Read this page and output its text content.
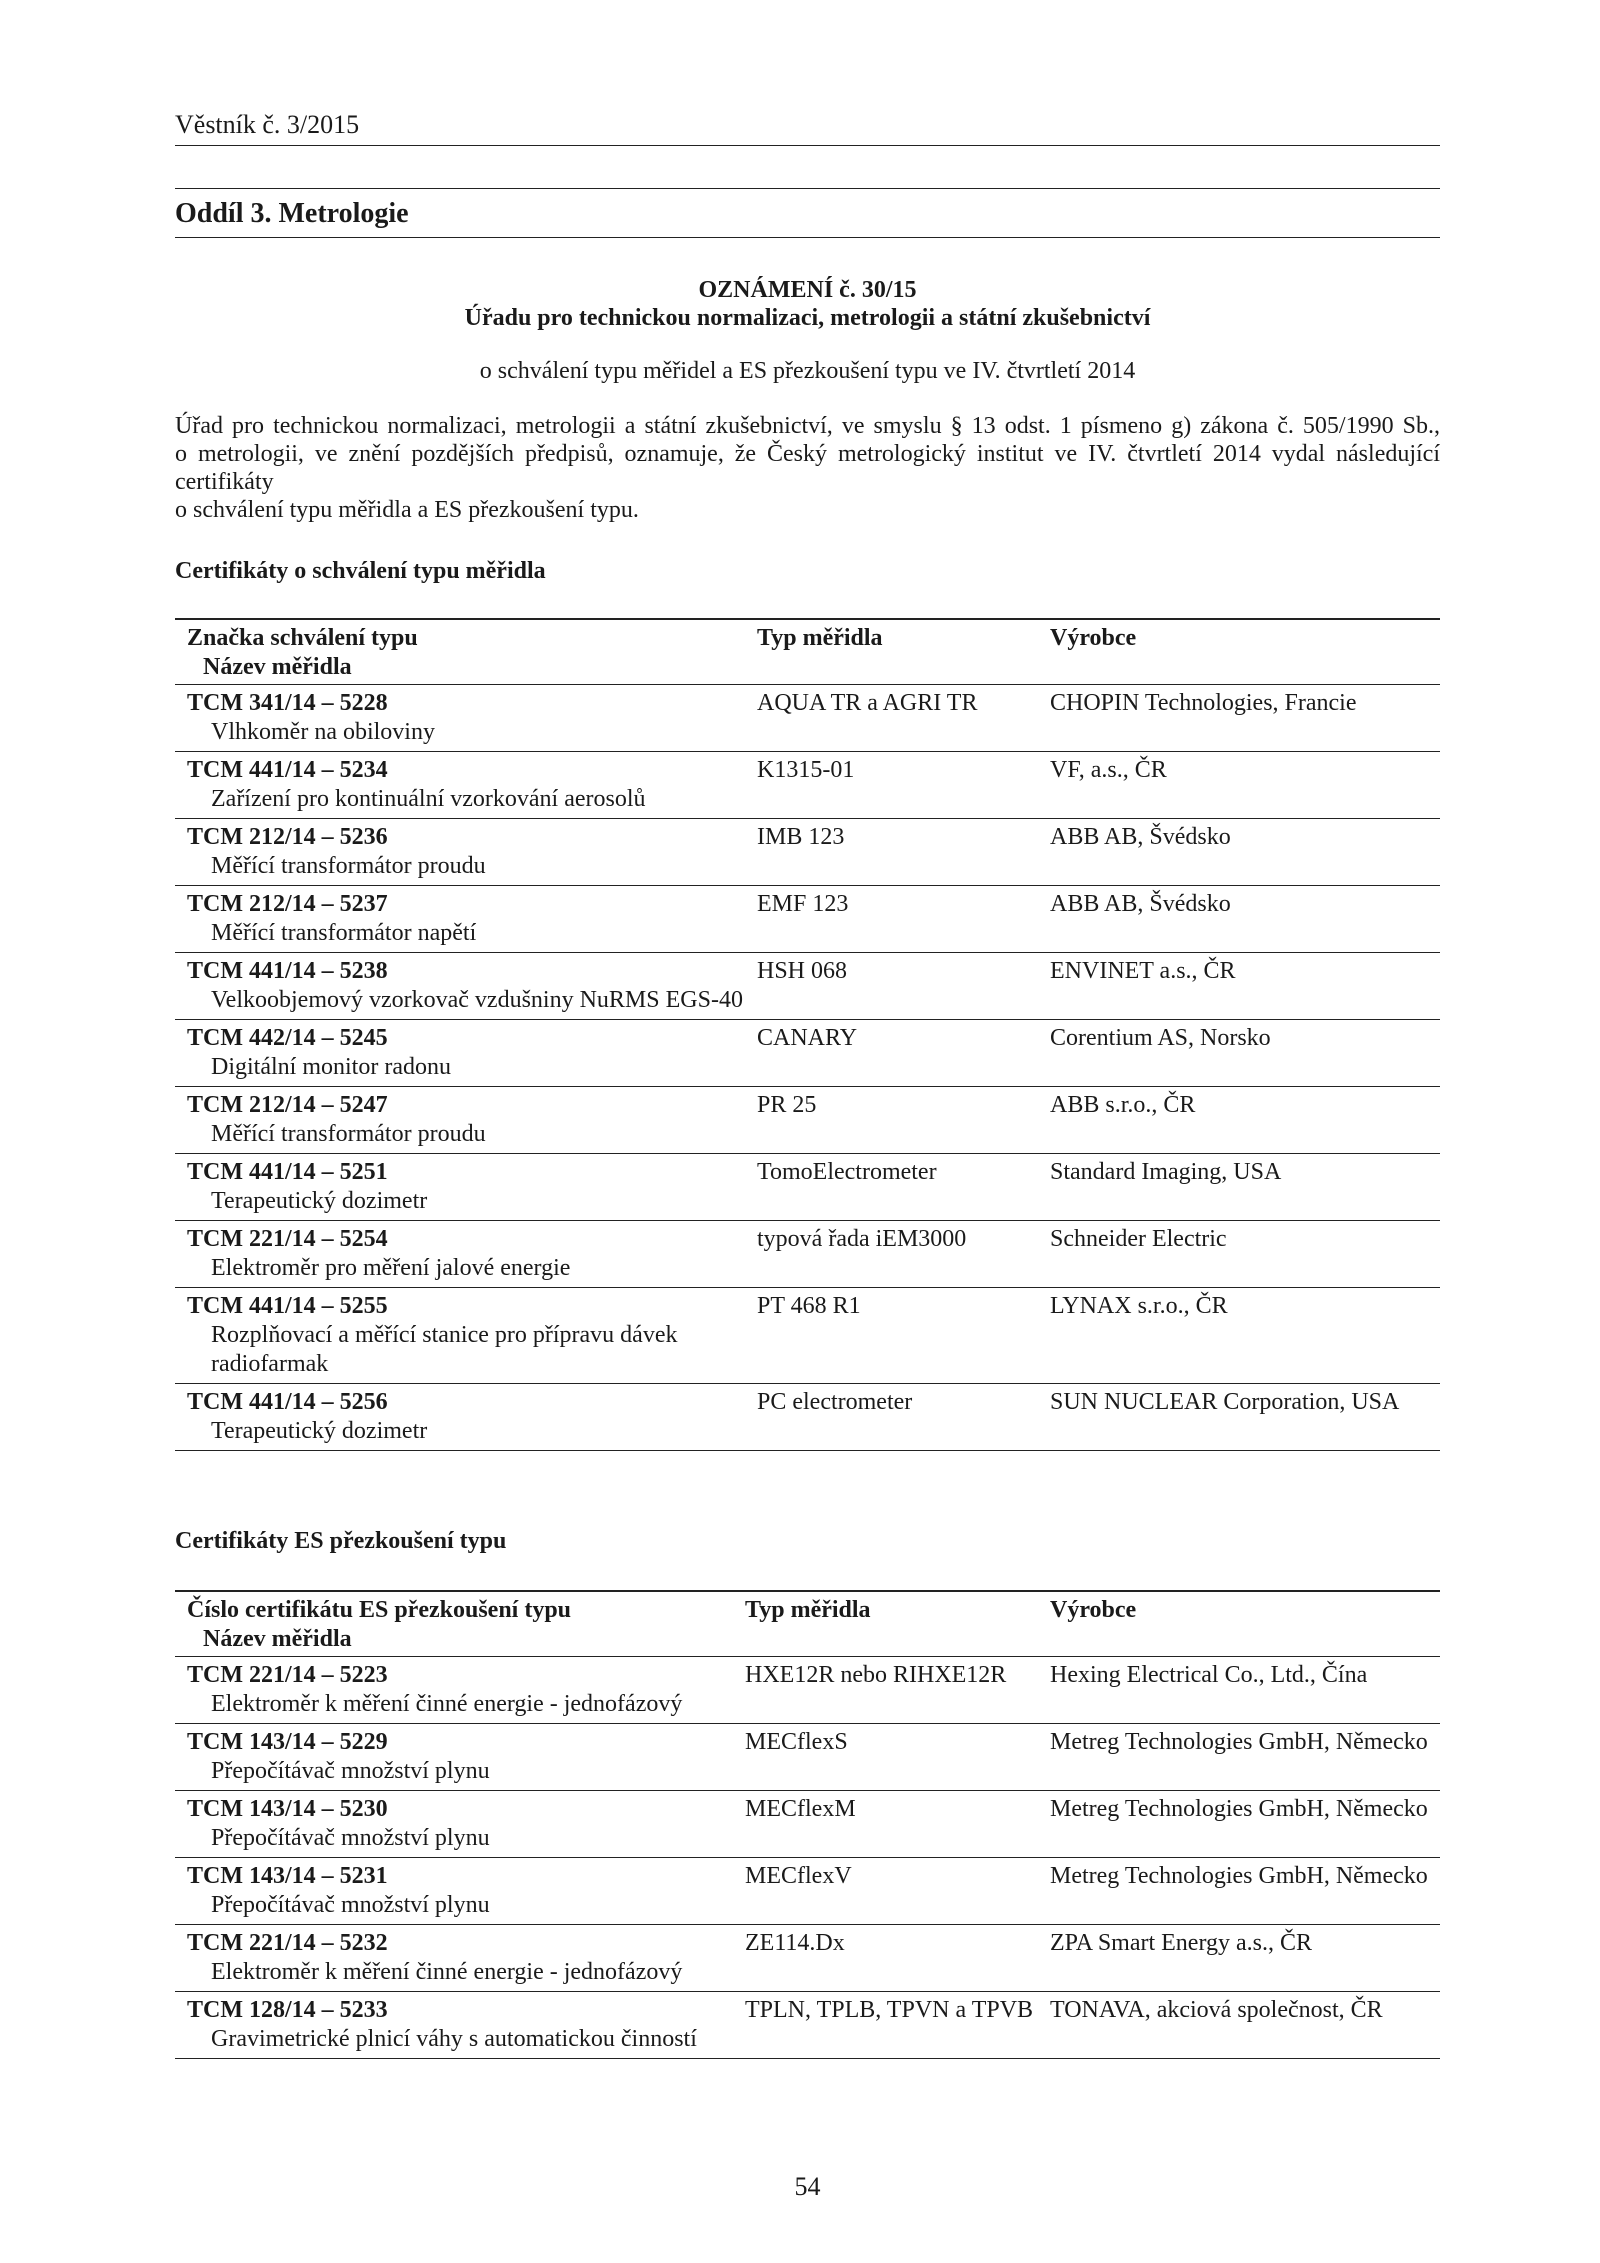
Věstník č. 3/2015
Oddíl 3. Metrologie
OZNÁMENÍ č. 30/15
Úřadu pro technickou normalizaci, metrologii a státní zkušebnictví
o schválení typu měřidel a ES přezkoušení typu ve IV. čtvrtletí 2014
Úřad pro technickou normalizaci, metrologii a státní zkušebnictví, ve smyslu § 13 odst. 1 písmeno g) zákona č. 505/1990 Sb.,
o metrologii, ve znění pozdějších předpisů, oznamuje, že Český metrologický institut ve IV. čtvrtletí 2014 vydal následující certifikáty
o schválení typu měřidla a ES přezkoušení typu.
Certifikáty o schválení typu měřidla
Značka schválení typu
Název měřidla	Typ měřidla	Výrobce

TCM 341/14 – 5228
Vlhkoměr na obiloviny	AQUA TR a AGRI TR	CHOPIN Technologies, Francie

TCM 441/14 – 5234
Zařízení pro kontinuální vzorkování aerosolů	K1315-01	VF, a.s., ČR

TCM 212/14 – 5236
Měřící transformátor proudu	IMB 123	ABB AB, Švédsko

TCM 212/14 – 5237
Měřící transformátor napětí	EMF 123	ABB AB, Švédsko

TCM 441/14 – 5238
Velkoobjemový vzorkovač vzdušniny NuRMS EGS-40	HSH 068	ENVINET a.s., ČR

TCM 442/14 – 5245
Digitální monitor radonu	CANARY	Corentium AS, Norsko

TCM 212/14 – 5247
Měřící transformátor proudu	PR 25	ABB s.r.o., ČR

TCM 441/14 – 5251
Terapeutický dozimetr	TomoElectrometer	Standard Imaging, USA

TCM 221/14 – 5254
Elektroměr pro měření jalové energie	typová řada iEM3000	Schneider Electric

TCM 441/14 – 5255
Rozplňovací a měřící stanice pro přípravu dávek radiofarmak	PT 468 R1	LYNAX s.r.o., ČR

TCM 441/14 – 5256
Terapeutický dozimetr	PC electrometer	SUN NUCLEAR Corporation, USA
Certifikáty ES přezkoušení typu
Číslo certifikátu ES přezkoušení typu
Název měřidla	Typ měřidla	Výrobce

TCM 221/14 – 5223
Elektroměr k měření činné energie - jednofázový	HXE12R nebo RIHXE12R	Hexing Electrical Co., Ltd., Čína

TCM 143/14 – 5229
Přepočítávač množství plynu	MECflexS	Metreg Technologies GmbH, Německo

TCM 143/14 – 5230
Přepočítávač množství plynu	MECflexM	Metreg Technologies GmbH, Německo

TCM 143/14 – 5231
Přepočítávač množství plynu	MECflexV	Metreg Technologies GmbH, Německo

TCM 221/14 – 5232
Elektroměr k měření činné energie - jednofázový	ZE114.Dx	ZPA Smart Energy a.s., ČR

TCM 128/14 – 5233
Gravimetrické plnicí váhy s automatickou činností	TPLN, TPLB, TPVN a TPVB	TONAVA, akciová společnost, ČR
54
